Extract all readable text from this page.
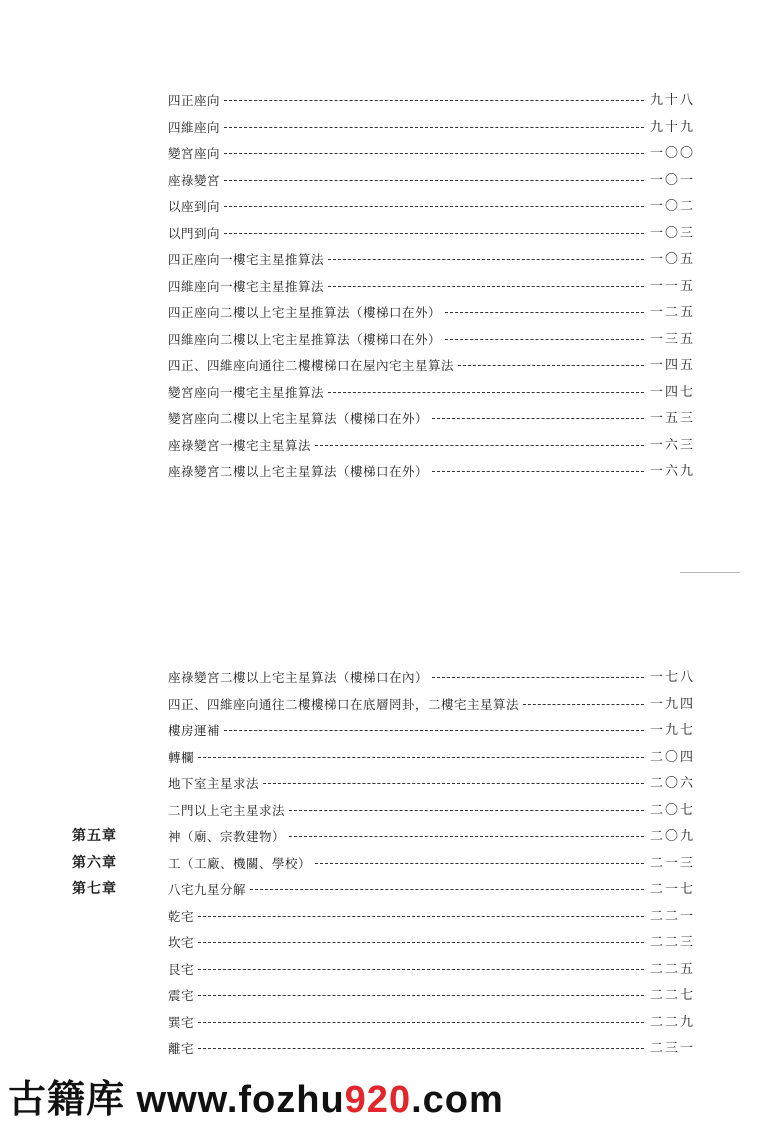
四正座向	九十八
四維座向	九十九
變宮座向	一〇〇
座祿變宮	一〇一
以座到向	一〇二
以門到向	一〇三
四正座向一樓宅主星推算法	一〇五
四維座向一樓宅主星推算法	一一五
四正座向二樓以上宅主星推算法（樓梯口在外）	一二五
四維座向二樓以上宅主星推算法（樓梯口在外）	一三五
四正、四維座向通往二樓樓梯口在屋內宅主星算法	一四五
變宮座向一樓宅主星推算法	一四七
變宮座向二樓以上宅主星算法（樓梯口在外）	一五三
座祿變宮一樓宅主星算法	一六三
座祿變宮二樓以上宅主星算法（樓梯口在外）	一六九
座祿變宮二樓以上宅主星算法（樓梯口在內）	一七八
四正、四維座向通往二樓樓梯口在底層罔卦，二樓宅主星算法	一九四
樓房運補	一九七
轉欄	二〇四
地下室主星求法	二〇六
二門以上宅主星求法	二〇七
第五章	神（廟、宗教建物）	二〇九
第六章	工（工廠、機關、學校）	二一三
第七章	八宅九星分解	二一七
乾宅	二二一
坎宅	二二三
艮宅	二二五
震宅	二二七
巽宅	二二九
離宅	二三一
古籍库 www.fozhu920.com
